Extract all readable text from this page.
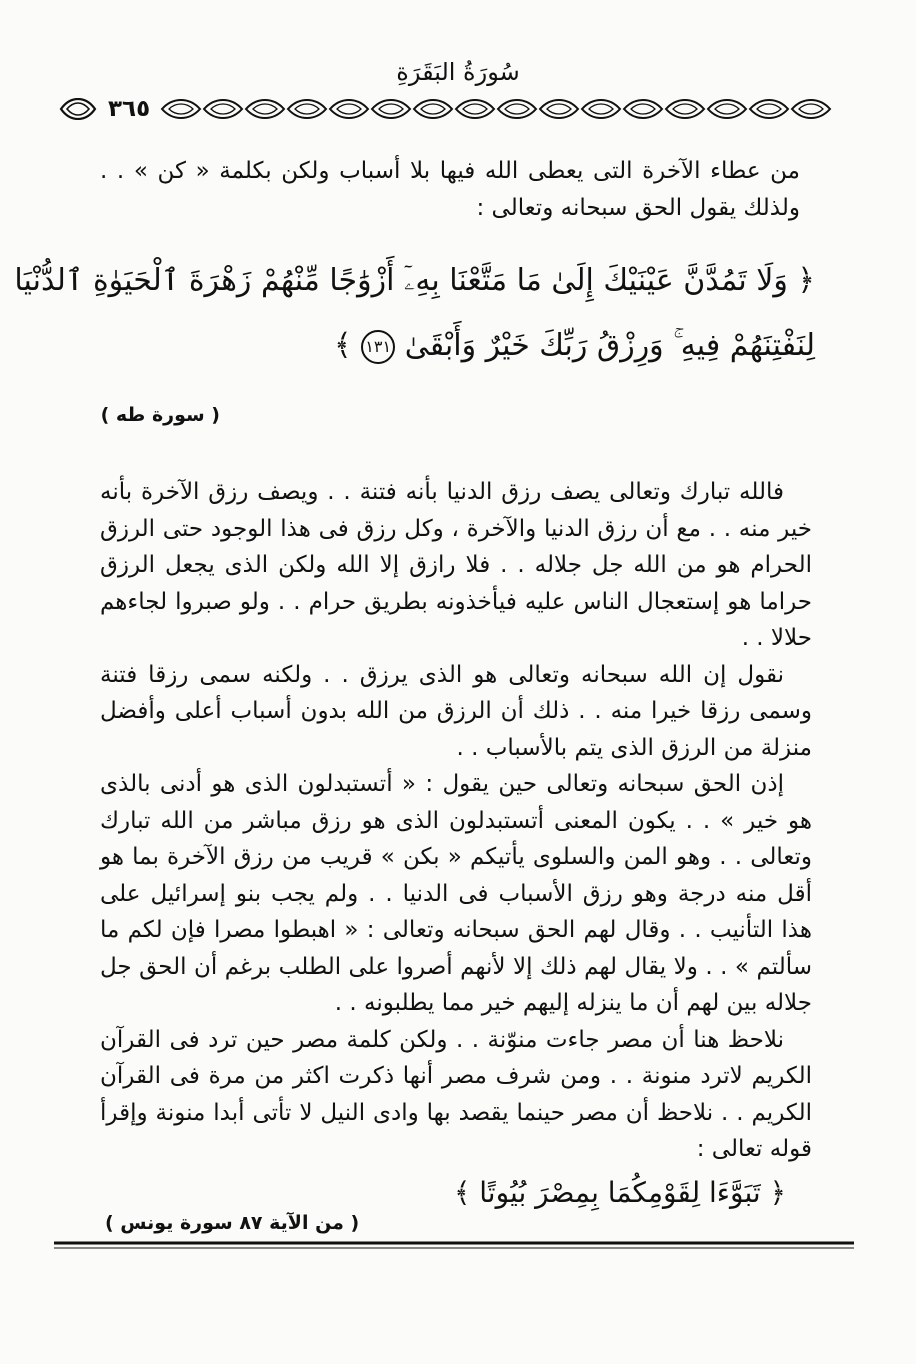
سُورَةُ البَقَرَةِ
٣٦٥

من عطاء الآخرة التى يعطى الله فيها بلا أسباب ولكن بكلمة « كن » . . ولذلك يقول الحق سبحانه وتعالى :

﴿ وَلَا تَمُدَّنَّ عَيْنَيْكَ إِلَىٰ مَا مَتَّعْنَا بِهِۦٓ أَزْوَٰجًا مِّنْهُمْ زَهْرَةَ ٱلْحَيَوٰةِ ٱلدُّنْيَا
لِنَفْتِنَهُمْ فِيهِ ۚ وَرِزْقُ رَبِّكَ خَيْرٌ وَأَبْقَىٰ ١٣١ ﴾
( سورة طه )

فالله تبارك وتعالى يصف رزق الدنيا بأنه فتنة . . ويصف رزق الآخرة بأنه خير منه . . مع أن رزق الدنيا والآخرة ، وكل رزق فى هذا الوجود حتى الرزق الحرام هو من الله جل جلاله . . فلا رازق إلا الله ولكن الذى يجعل الرزق حراما هو إستعجال الناس عليه فيأخذونه بطريق حرام . . ولو صبروا لجاءهم حلالا . .

نقول إن الله سبحانه وتعالى هو الذى يرزق . . ولكنه سمى رزقا فتنة وسمى رزقا خيرا منه . . ذلك أن الرزق من الله بدون أسباب أعلى وأفضل منزلة من الرزق الذى يتم بالأسباب . .

إذن الحق سبحانه وتعالى حين يقول : « أتستبدلون الذى هو أدنى بالذى هو خير » . . يكون المعنى أتستبدلون الذى هو رزق مباشر من الله تبارك وتعالى . . وهو المن والسلوى يأتيكم « بكن » قريب من رزق الآخرة بما هو أقل منه درجة وهو رزق الأسباب فى الدنيا . . ولم يجب بنو إسرائيل على هذا التأنيب . . وقال لهم الحق سبحانه وتعالى : « اهبطوا مصرا فإن لكم ما سألتم » . . ولا يقال لهم ذلك إلا لأنهم أصروا على الطلب برغم أن الحق جل جلاله بين لهم أن ما ينزله إليهم خير مما يطلبونه . .

نلاحظ هنا أن مصر جاءت منوّنة . . ولكن كلمة مصر حين ترد فى القرآن الكريم لاترد منونة . . ومن شرف مصر أنها ذكرت اكثر من مرة فى القرآن الكريم . . نلاحظ أن مصر حينما يقصد بها وادى النيل لا تأتى أبدا منونة وإقرأ قوله تعالى :

﴿ تَبَوَّءَا لِقَوْمِكُمَا بِمِصْرَ بُيُوتًا ﴾
( من الآية ٨٧ سورة يونس )
